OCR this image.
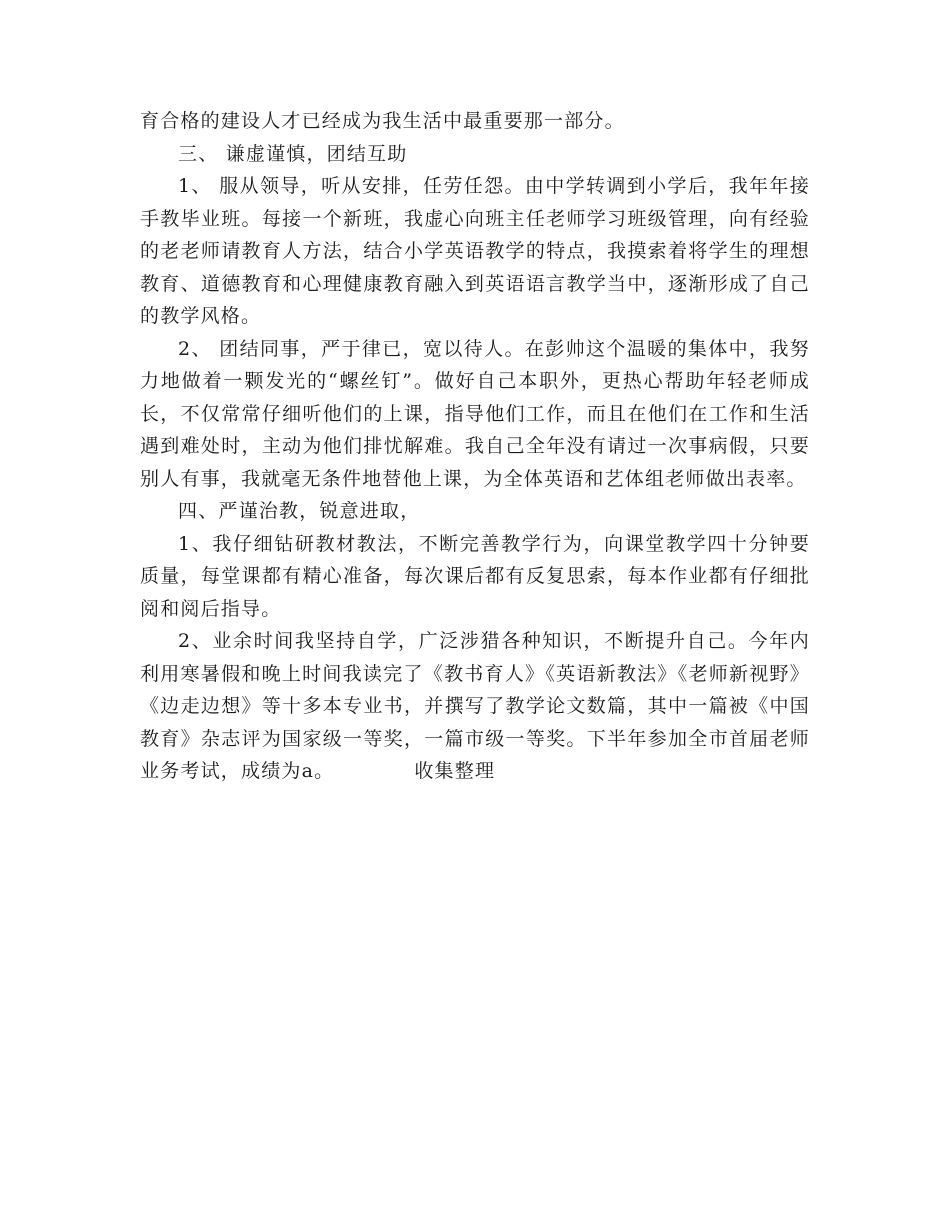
育合格的建设人才已经成为我生活中最重要那一部分。

三、 谦虚谨慎，团结互助

1、 服从领导，听从安排，任劳任怨。由中学转调到小学后，我年年接手教毕业班。每接一个新班，我虚心向班主任老师学习班级管理，向有经验的老老师请教育人方法，结合小学英语教学的特点，我摸索着将学生的理想教育、道德教育和心理健康教育融入到英语语言教学当中，逐渐形成了自己的教学风格。

2、 团结同事，严于律已，宽以待人。在彭帅这个温暖的集体中，我努力地做着一颗发光的“螺丝钉”。做好自己本职外，更热心帮助年轻老师成长，不仅常常仔细听他们的上课，指导他们工作，而且在他们在工作和生活遇到难处时，主动为他们排忧解难。我自己全年没有请过一次事病假，只要别人有事，我就毫无条件地替他上课，为全体英语和艺体组老师做出表率。

四、严谨治教，锐意进取，

1、我仔细钻研教材教法，不断完善教学行为，向课堂教学四十分钟要质量，每堂课都有精心准备，每次课后都有反复思索，每本作业都有仔细批阅和阅后指导。

2、业余时间我坚持自学，广泛涉猎各种知识，不断提升自己。今年内利用寒暑假和晚上时间我读完了《教书育人》《英语新教法》《老师新视野》《边走边想》等十多本专业书，并撰写了教学论文数篇，其中一篇被《中国教育》杂志评为国家级一等奖，一篇市级一等奖。下半年参加全市首届老师业务考试，成绩为a。	收集整理
